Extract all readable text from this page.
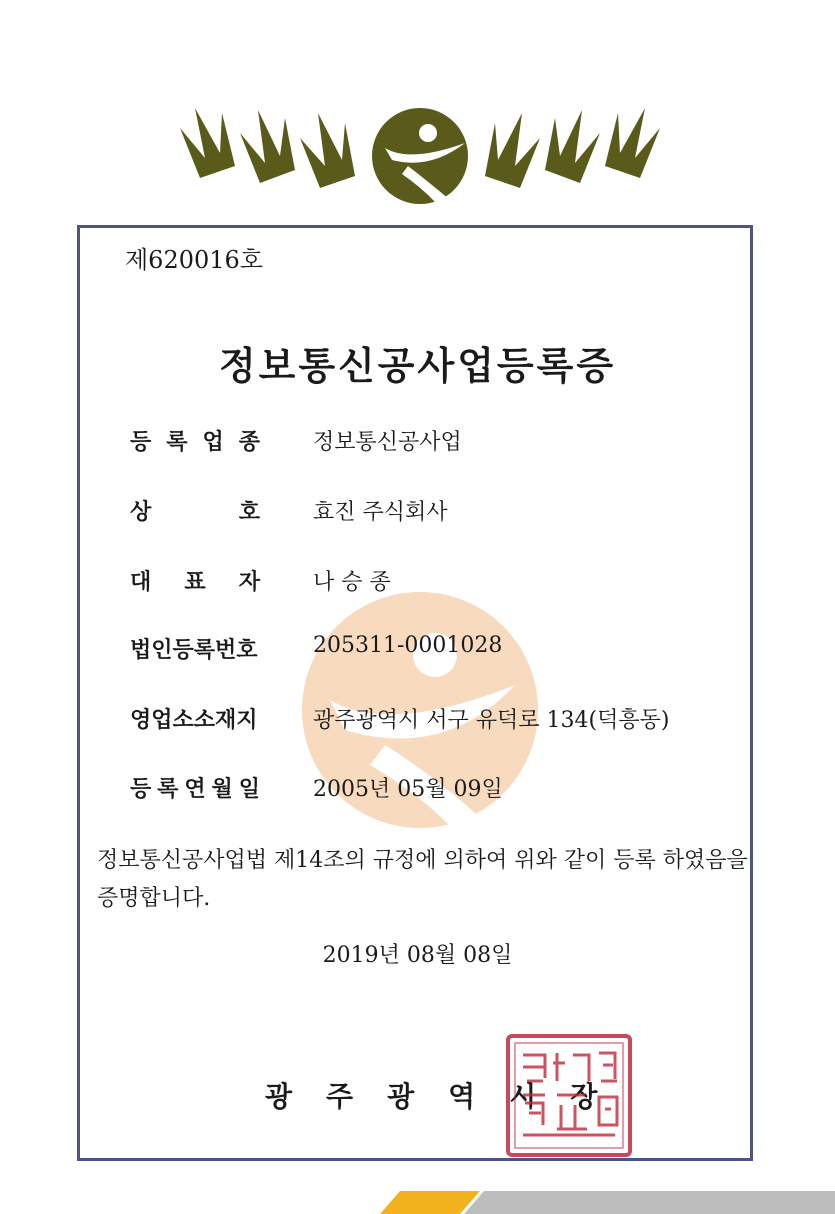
제620016호
정보통신공사업등록증
등 록 업 종 정보통신공사업
상	호 효진 주식회사
대 표 자 나 승 종
법인등록번호	205311-0001028
영업소소재지	광주광역시 서구 유덕로 134(덕흥동)
등 록 연 월 일 2005년 05월 09일
정보통신공사업법 제14조의 규정에 의하여 위와 같이 등록 하였음을 증명합니다.
2019년 08월 08일
광주광역시장
